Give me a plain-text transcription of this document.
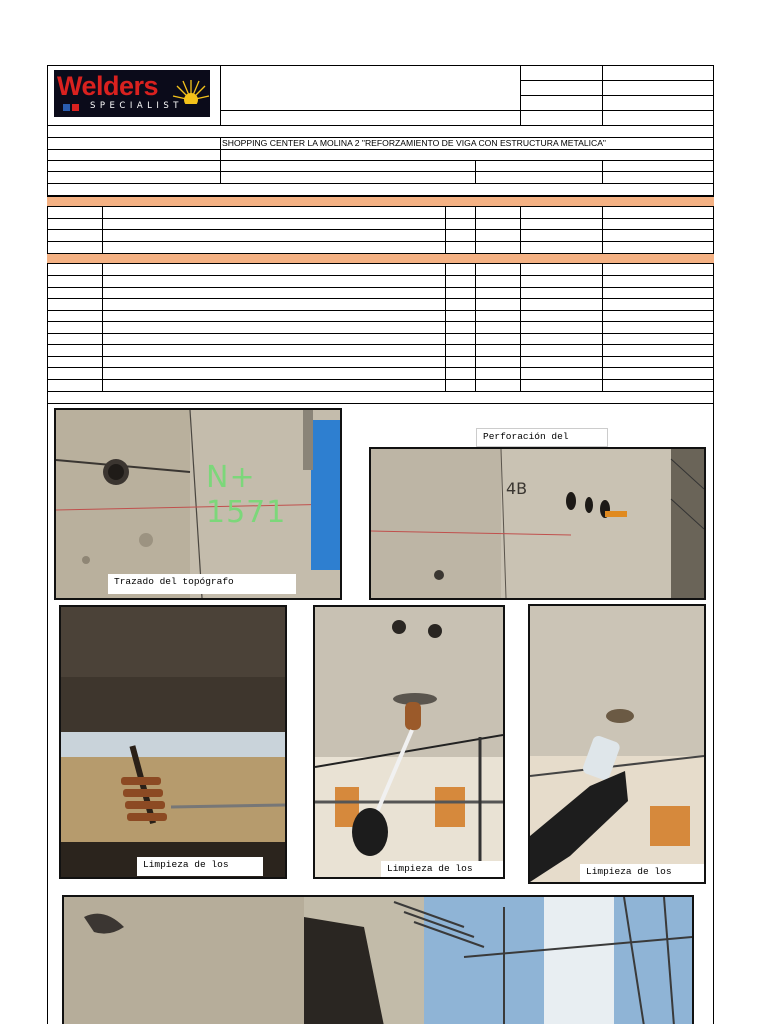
Welders
SPECIALIST
SHOPPING CENTER LA MOLINA 2 "REFORZAMIENTO DE VIGA CON ESTRUCTURA METALICA"
N+ 1571
Trazado del topógrafo
4B
Perforación del
Limpieza de los	Limpieza de los	Limpieza de los
